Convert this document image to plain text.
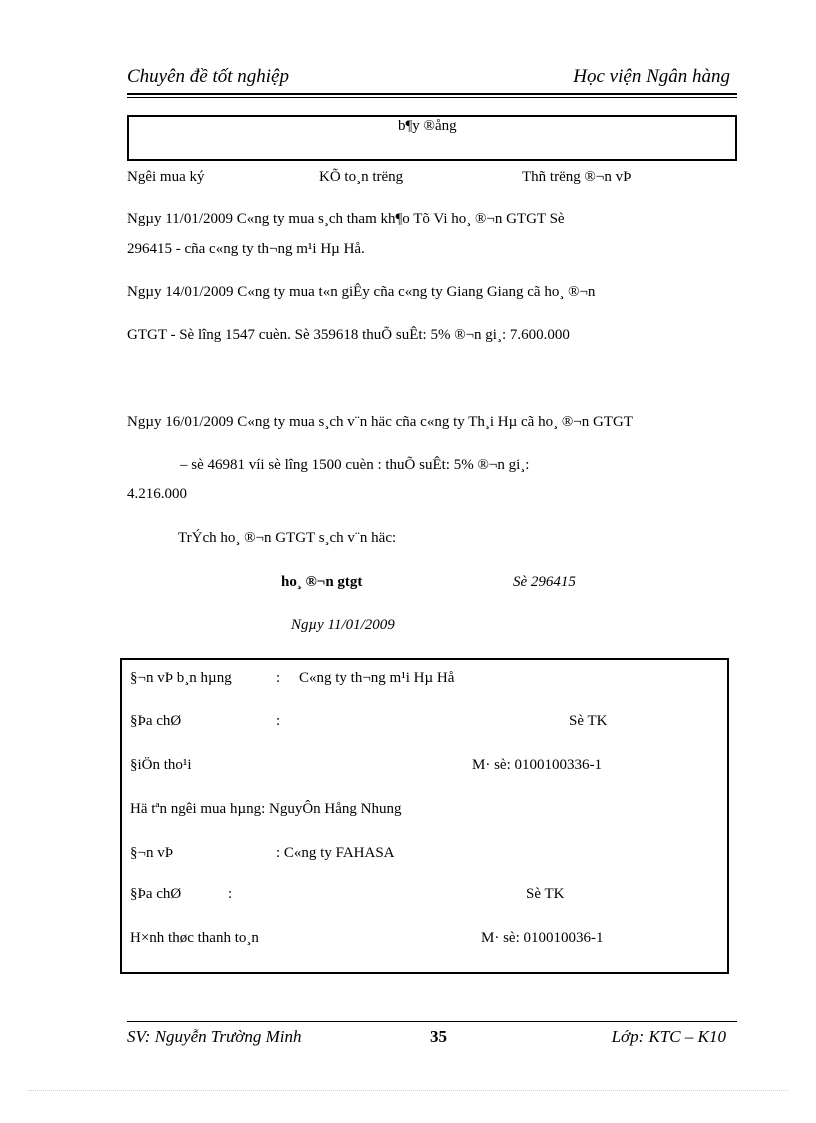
Chuyên đề tốt nghiệp	Học viện Ngân hàng
b¶y ®ång
Ngêi mua ký	KÕ to¸n trëng	Thñ trëng ®¬n vÞ
Ngµy 11/01/2009 C«ng ty mua s¸ch tham kh¶o Tõ Vi ho¸ ®¬n GTGT Sè
296415 - cña c«ng ty th¬ng m¹i Hµ Hå.
Ngµy 14/01/2009 C«ng ty mua t«n giÊy cña c«ng ty Giang Giang cã ho¸ ®¬n
GTGT - Sè lîng 1547 cuèn. Sè 359618 thuÕ suÊt: 5% ®¬n gi¸: 7.600.000
Ngµy 16/01/2009 C«ng ty mua s¸ch v¨n häc cña c«ng ty Th¸i Hµ cã ho¸ ®¬n GTGT
– sè 46981 víi sè lîng 1500 cuèn : thuÕ suÊt: 5% ®¬n gi¸:
4.216.000
TrÝch ho¸ ®¬n GTGT s¸ch v¨n häc:
ho¸ ®¬n gtgt	Sè 296415
Ngµy 11/01/2009
§¬n vÞ b¸n hµng	: C«ng ty th¬ng m¹i Hµ Hå
§Þa chØ	:	Sè TK
§iÖn tho¹i	M· sè: 0100100336-1
Hä tªn ngêi mua hµng: NguyÔn Hång Nhung
§¬n vÞ	: C«ng ty FAHASA
§Þa chØ	:	Sè TK
H×nh thøc thanh to¸n	M· sè: 010010036-1
SV: Nguyễn Trường Minh	35	Lớp: KTC – K10
